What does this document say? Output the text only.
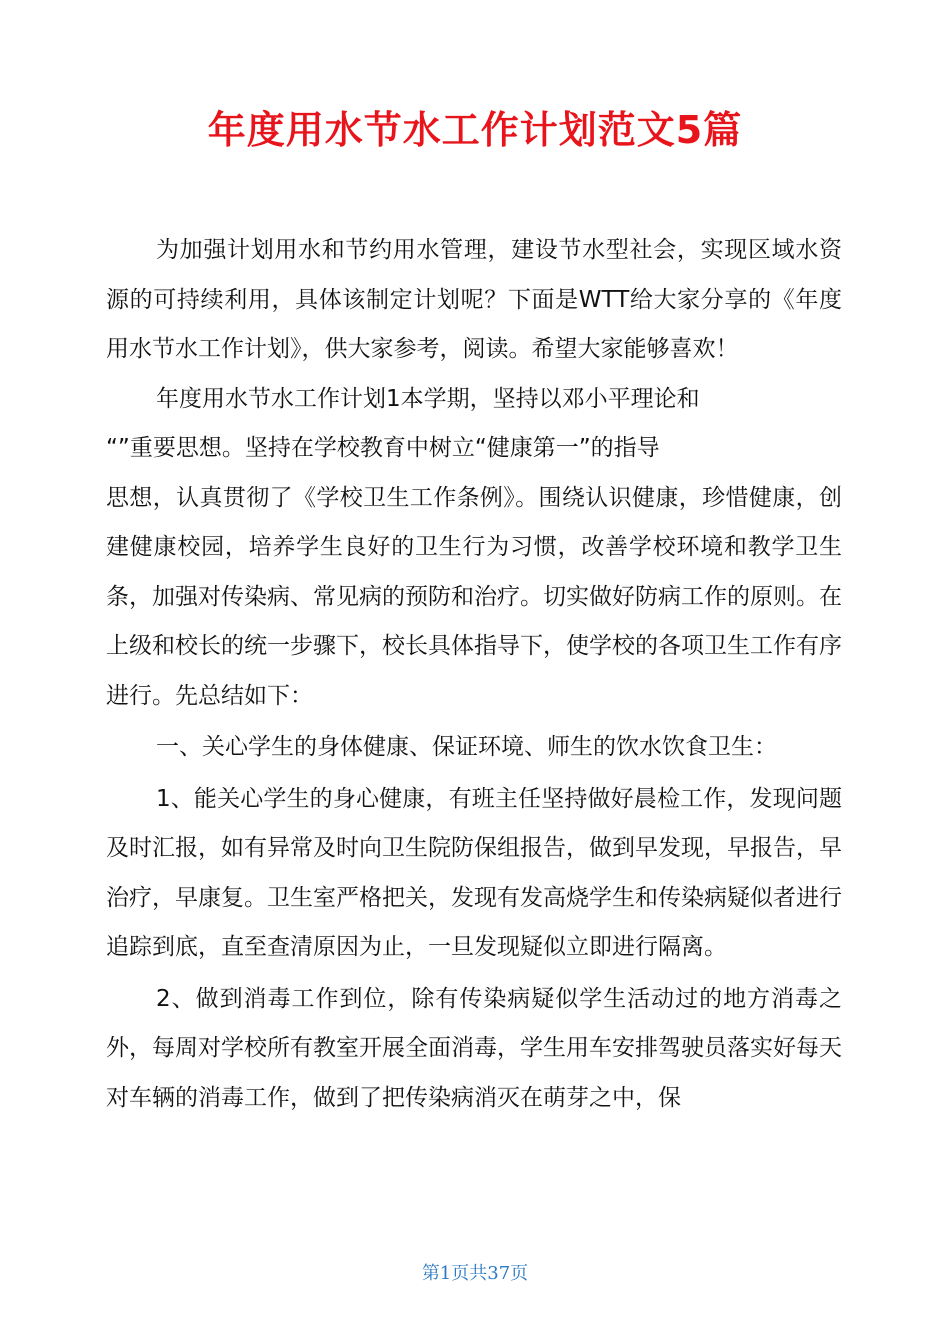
年度用水节水工作计划范文5篇

为加强计划用水和节约用水管理，建设节水型社会，实现区域水资源的可持续利用，具体该制定计划呢？下面是WTT给大家分享的《年度用水节水工作计划》，供大家参考，阅读。希望大家能够喜欢！

年度用水节水工作计划1本学期，坚持以邓小平理论和

“”重要思想。坚持在学校教育中树立“健康第一”的指导

思想，认真贯彻了《学校卫生工作条例》。围绕认识健康，珍惜健康，创建健康校园，培养学生良好的卫生行为习惯，改善学校环境和教学卫生条，加强对传染病、常见病的预防和治疗。切实做好防病工作的原则。在上级和校长的统一步骤下，校长具体指导下，使学校的各项卫生工作有序进行。先总结如下：

一、关心学生的身体健康、保证环境、师生的饮水饮食卫生：

1、能关心学生的身心健康，有班主任坚持做好晨检工作，发现问题及时汇报，如有异常及时向卫生院防保组报告，做到早发现，早报告，早治疗，早康复。卫生室严格把关，发现有发高烧学生和传染病疑似者进行追踪到底，直至查清原因为止，一旦发现疑似立即进行隔离。

2、做到消毒工作到位，除有传染病疑似学生活动过的地方消毒之外，每周对学校所有教室开展全面消毒，学生用车安排驾驶员落实好每天对车辆的消毒工作，做到了把传染病消灭在萌芽之中，保

第1页共37页
